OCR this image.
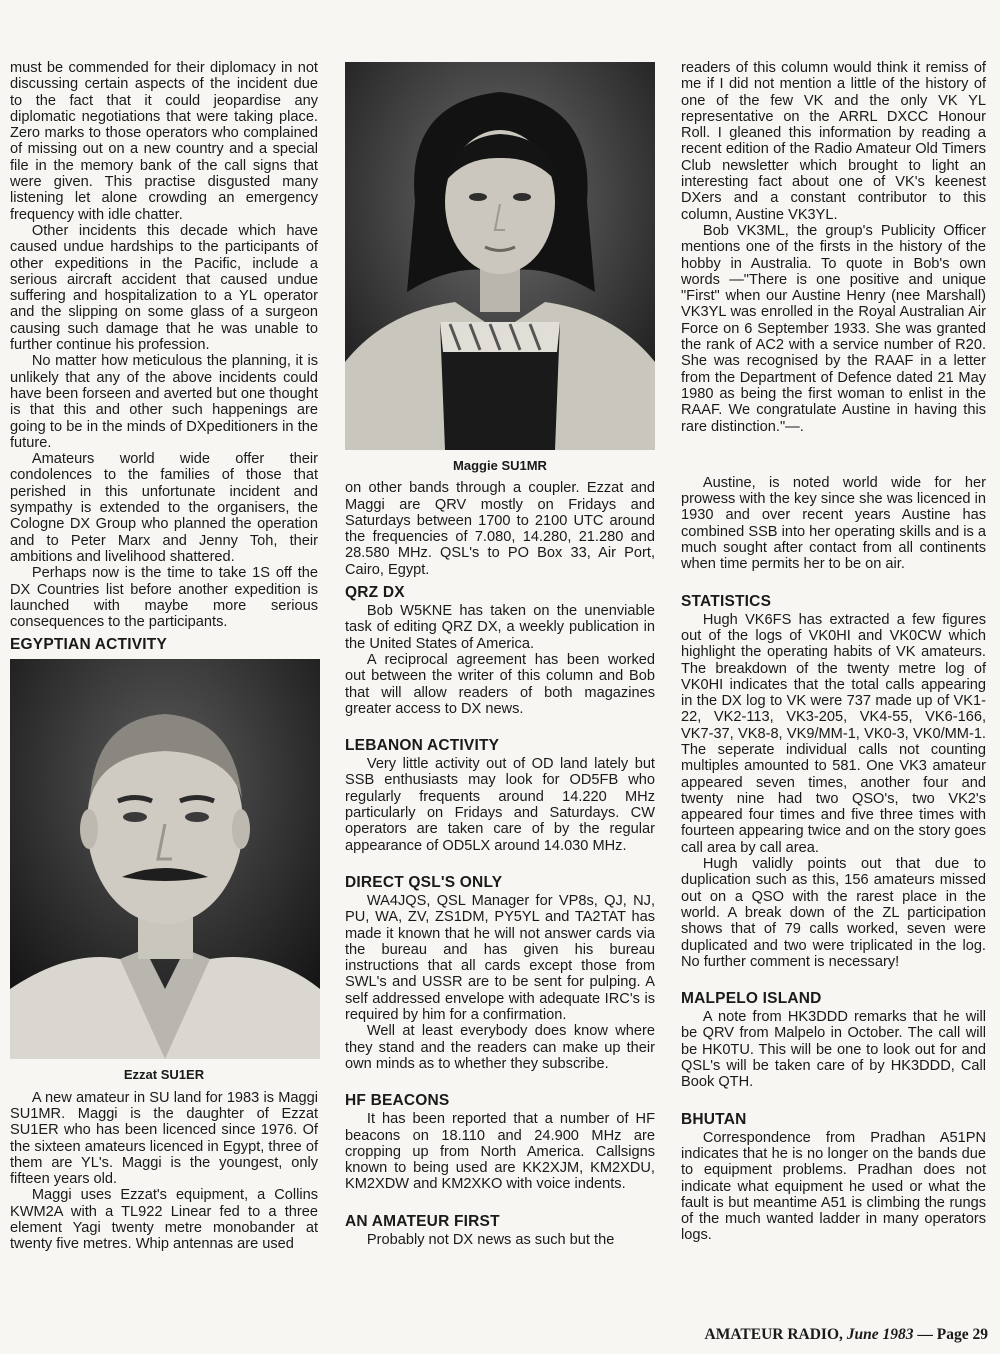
must be commended for their diplomacy in not discussing certain aspects of the incident due to the fact that it could jeopardise any diplomatic negotiations that were taking place. Zero marks to those operators who complained of missing out on a new country and a special file in the memory bank of the call signs that were given. This practise disgusted many listening let alone crowding an emergency frequency with idle chatter.

Other incidents this decade which have caused undue hardships to the participants of other expeditions in the Pacific, include a serious aircraft accident that caused undue suffering and hospitalization to a YL operator and the slipping on some glass of a surgeon causing such damage that he was unable to further continue his profession.

No matter how meticulous the planning, it is unlikely that any of the above incidents could have been forseen and averted but one thought is that this and other such happenings are going to be in the minds of DXpeditioners in the future.

Amateurs world wide offer their condolences to the families of those that perished in this unfortunate incident and sympathy is extended to the organisers, the Cologne DX Group who planned the operation and to Peter Marx and Jenny Toh, their ambitions and livelihood shattered.

Perhaps now is the time to take 1S off the DX Countries list before another expedition is launched with maybe more serious consequences to the participants.

EGYPTIAN ACTIVITY
Ezzat SU1ER

A new amateur in SU land for 1983 is Maggi SU1MR. Maggi is the daughter of Ezzat SU1ER who has been licenced since 1976. Of the sixteen amateurs licenced in Egypt, three of them are YL's. Maggi is the youngest, only fifteen years old.

Maggi uses Ezzat's equipment, a Collins KWM2A with a TL922 Linear fed to a three element Yagi twenty metre monobander at twenty five metres. Whip antennas are used

Maggie SU1MR

on other bands through a coupler. Ezzat and Maggi are QRV mostly on Fridays and Saturdays between 1700 to 2100 UTC around the frequencies of 7.080, 14.280, 21.280 and 28.580 MHz. QSL's to PO Box 33, Air Port, Cairo, Egypt.

QRZ DX

Bob W5KNE has taken on the unenviable task of editing QRZ DX, a weekly publication in the United States of America.

A reciprocal agreement has been worked out between the writer of this column and Bob that will allow readers of both magazines greater access to DX news.

LEBANON ACTIVITY

Very little activity out of OD land lately but SSB enthusiasts may look for OD5FB who regularly frequents around 14.220 MHz particularly on Fridays and Saturdays. CW operators are taken care of by the regular appearance of OD5LX around 14.030 MHz.

DIRECT QSL'S ONLY

WA4JQS, QSL Manager for VP8s, QJ, NJ, PU, WA, ZV, ZS1DM, PY5YL and TA2TAT has made it known that he will not answer cards via the bureau and has given his bureau instructions that all cards except those from SWL's and USSR are to be sent for pulping. A self addressed envelope with adequate IRC's is required by him for a confirmation.

Well at least everybody does know where they stand and the readers can make up their own minds as to whether they subscribe.

HF BEACONS

It has been reported that a number of HF beacons on 18.110 and 24.900 MHz are cropping up from North America. Callsigns known to being used are KK2XJM, KM2XDU, KM2XDW and KM2XKO with voice indents.

AN AMATEUR FIRST

Probably not DX news as such but the

readers of this column would think it remiss of me if I did not mention a little of the history of one of the few VK and the only VK YL representative on the ARRL DXCC Honour Roll. I gleaned this information by reading a recent edition of the Radio Amateur Old Timers Club newsletter which brought to light an interesting fact about one of VK's keenest DXers and a constant contributor to this column, Austine VK3YL.

Bob VK3ML, the group's Publicity Officer mentions one of the firsts in the history of the hobby in Australia. To quote in Bob's own words —"There is one positive and unique "First" when our Austine Henry (nee Marshall) VK3YL was enrolled in the Royal Australian Air Force on 6 September 1933. She was granted the rank of AC2 with a service number of R20. She was recognised by the RAAF in a letter from the Department of Defence dated 21 May 1980 as being the first woman to enlist in the RAAF. We congratulate Austine in having this rare distinction."—.

Austine, is noted world wide for her prowess with the key since she was licenced in 1930 and over recent years Austine has combined SSB into her operating skills and is a much sought after contact from all continents when time permits her to be on air.

STATISTICS

Hugh VK6FS has extracted a few figures out of the logs of VK0HI and VK0CW which highlight the operating habits of VK amateurs. The breakdown of the twenty metre log of VK0HI indicates that the total calls appearing in the DX log to VK were 737 made up of VK1-22, VK2-113, VK3-205, VK4-55, VK6-166, VK7-37, VK8-8, VK9/MM-1, VK0-3, VK0/MM-1. The seperate individual calls not counting multiples amounted to 581. One VK3 amateur appeared seven times, another four and twenty nine had two QSO's, two VK2's appeared four times and five three times with fourteen appearing twice and on the story goes call area by call area.

Hugh validly points out that due to duplication such as this, 156 amateurs missed out on a QSO with the rarest place in the world. A break down of the ZL participation shows that of 79 calls worked, seven were duplicated and two were triplicated in the log. No further comment is necessary!

MALPELO ISLAND

A note from HK3DDD remarks that he will be QRV from Malpelo in October. The call will be HK0TU. This will be one to look out for and QSL's will be taken care of by HK3DDD, Call Book QTH.

BHUTAN

Correspondence from Pradhan A51PN indicates that he is no longer on the bands due to equipment problems. Pradhan does not indicate what equipment he used or what the fault is but meantime A51 is climbing the rungs of the much wanted ladder in many operators logs.

AMATEUR RADIO, June 1983 — Page 29
